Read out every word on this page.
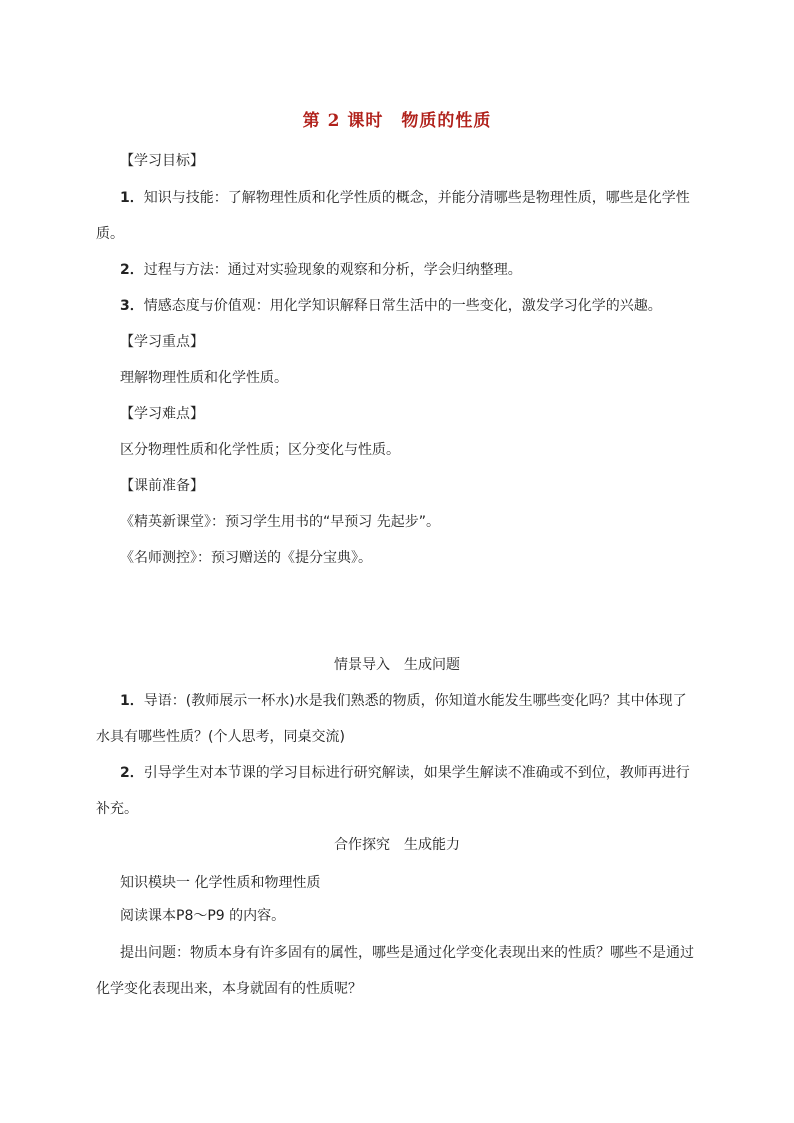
第 2 课时　物质的性质
【学习目标】
1．知识与技能：了解物理性质和化学性质的概念，并能分清哪些是物理性质，哪些是化学性
质。
2．过程与方法：通过对实验现象的观察和分析，学会归纳整理。
3．情感态度与价值观：用化学知识解释日常生活中的一些变化，激发学习化学的兴趣。
【学习重点】
理解物理性质和化学性质。
【学习难点】
区分物理性质和化学性质；区分变化与性质。
【课前准备】
《精英新课堂》：预习学生用书的“早预习 先起步”。
《名师测控》：预习赠送的《提分宝典》。
情景导入　生成问题
1．导语：(教师展示一杯水)水是我们熟悉的物质，你知道水能发生哪些变化吗？其中体现了
水具有哪些性质？(个人思考，同桌交流)
2．引导学生对本节课的学习目标进行研究解读，如果学生解读不准确或不到位，教师再进行
补充。
合作探究　生成能力
知识模块一 化学性质和物理性质
阅读课本P8～P9 的内容。
提出问题：物质本身有许多固有的属性，哪些是通过化学变化表现出来的性质？哪些不是通过
化学变化表现出来，本身就固有的性质呢？
